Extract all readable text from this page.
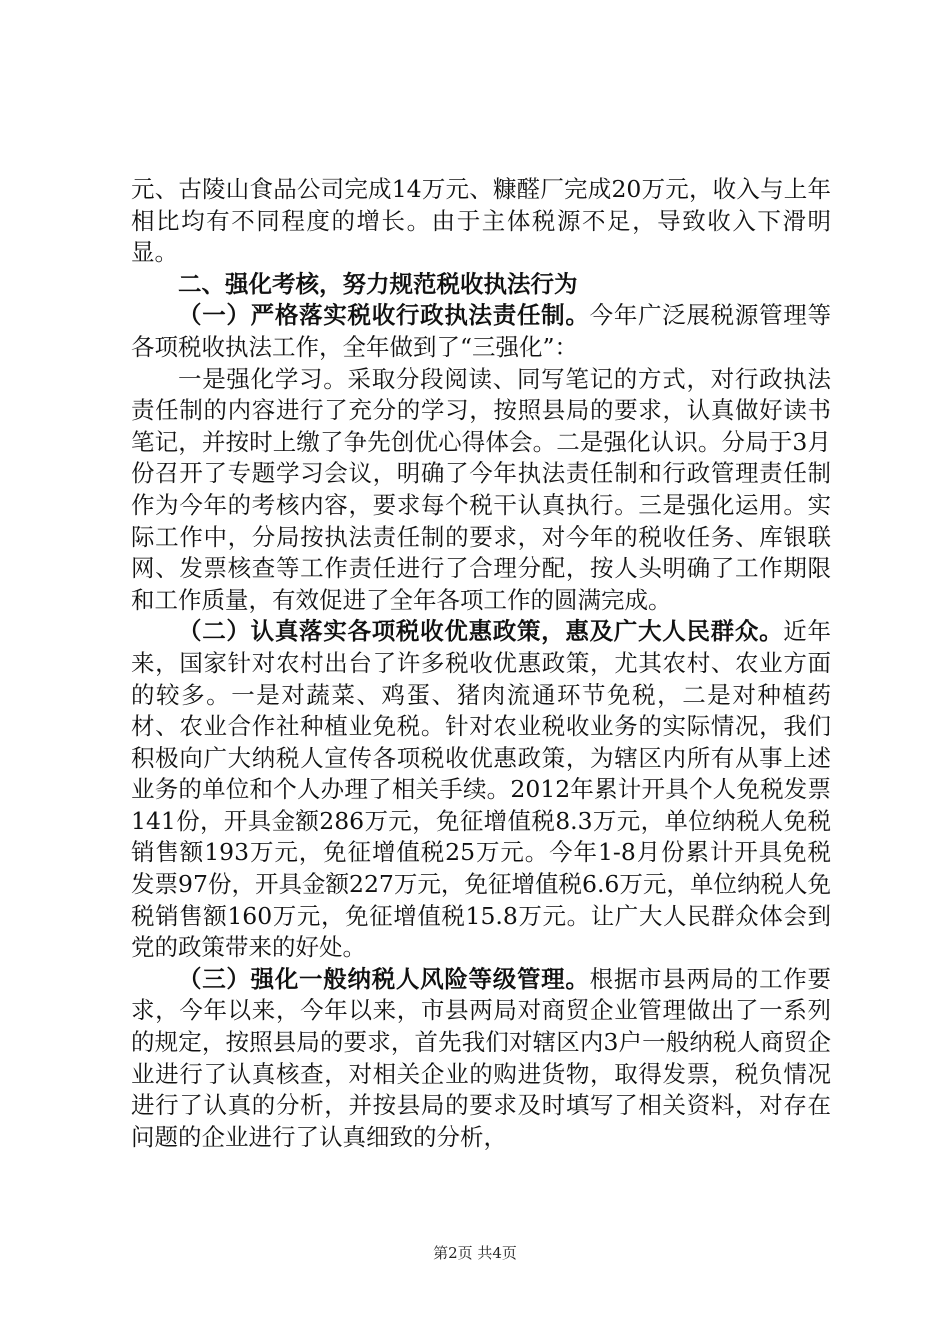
元、古陵山食品公司完成14万元、糠醛厂完成20万元，收入与上年相比均有不同程度的增长。由于主体税源不足，导致收入下滑明显。

二、强化考核，努力规范税收执法行为

（一）严格落实税收行政执法责任制。今年广泛展税源管理等各项税收执法工作，全年做到了“三强化”：

一是强化学习。采取分段阅读、同写笔记的方式，对行政执法责任制的内容进行了充分的学习，按照县局的要求，认真做好读书笔记，并按时上缴了争先创优心得体会。二是强化认识。分局于3月份召开了专题学习会议，明确了今年执法责任制和行政管理责任制作为今年的考核内容，要求每个税干认真执行。三是强化运用。实际工作中，分局按执法责任制的要求，对今年的税收任务、库银联网、发票核查等工作责任进行了合理分配，按人头明确了工作期限和工作质量，有效促进了全年各项工作的圆满完成。

（二）认真落实各项税收优惠政策，惠及广大人民群众。近年来，国家针对农村出台了许多税收优惠政策，尤其农村、农业方面的较多。一是对蔬菜、鸡蛋、猪肉流通环节免税，二是对种植药材、农业合作社种植业免税。针对农业税收业务的实际情况，我们积极向广大纳税人宣传各项税收优惠政策，为辖区内所有从事上述业务的单位和个人办理了相关手续。2012年累计开具个人免税发票141份，开具金额286万元，免征增值税8.3万元，单位纳税人免税销售额193万元，免征增值税25万元。今年1-8月份累计开具免税发票97份，开具金额227万元，免征增值税6.6万元，单位纳税人免税销售额160万元，免征增值税15.8万元。让广大人民群众体会到党的政策带来的好处。

（三）强化一般纳税人风险等级管理。根据市县两局的工作要求，今年以来，今年以来，市县两局对商贸企业管理做出了一系列的规定，按照县局的要求，首先我们对辖区内3户一般纳税人商贸企业进行了认真核查，对相关企业的购进货物，取得发票，税负情况进行了认真的分析，并按县局的要求及时填写了相关资料，对存在问题的企业进行了认真细致的分析，

第2页 共4页
